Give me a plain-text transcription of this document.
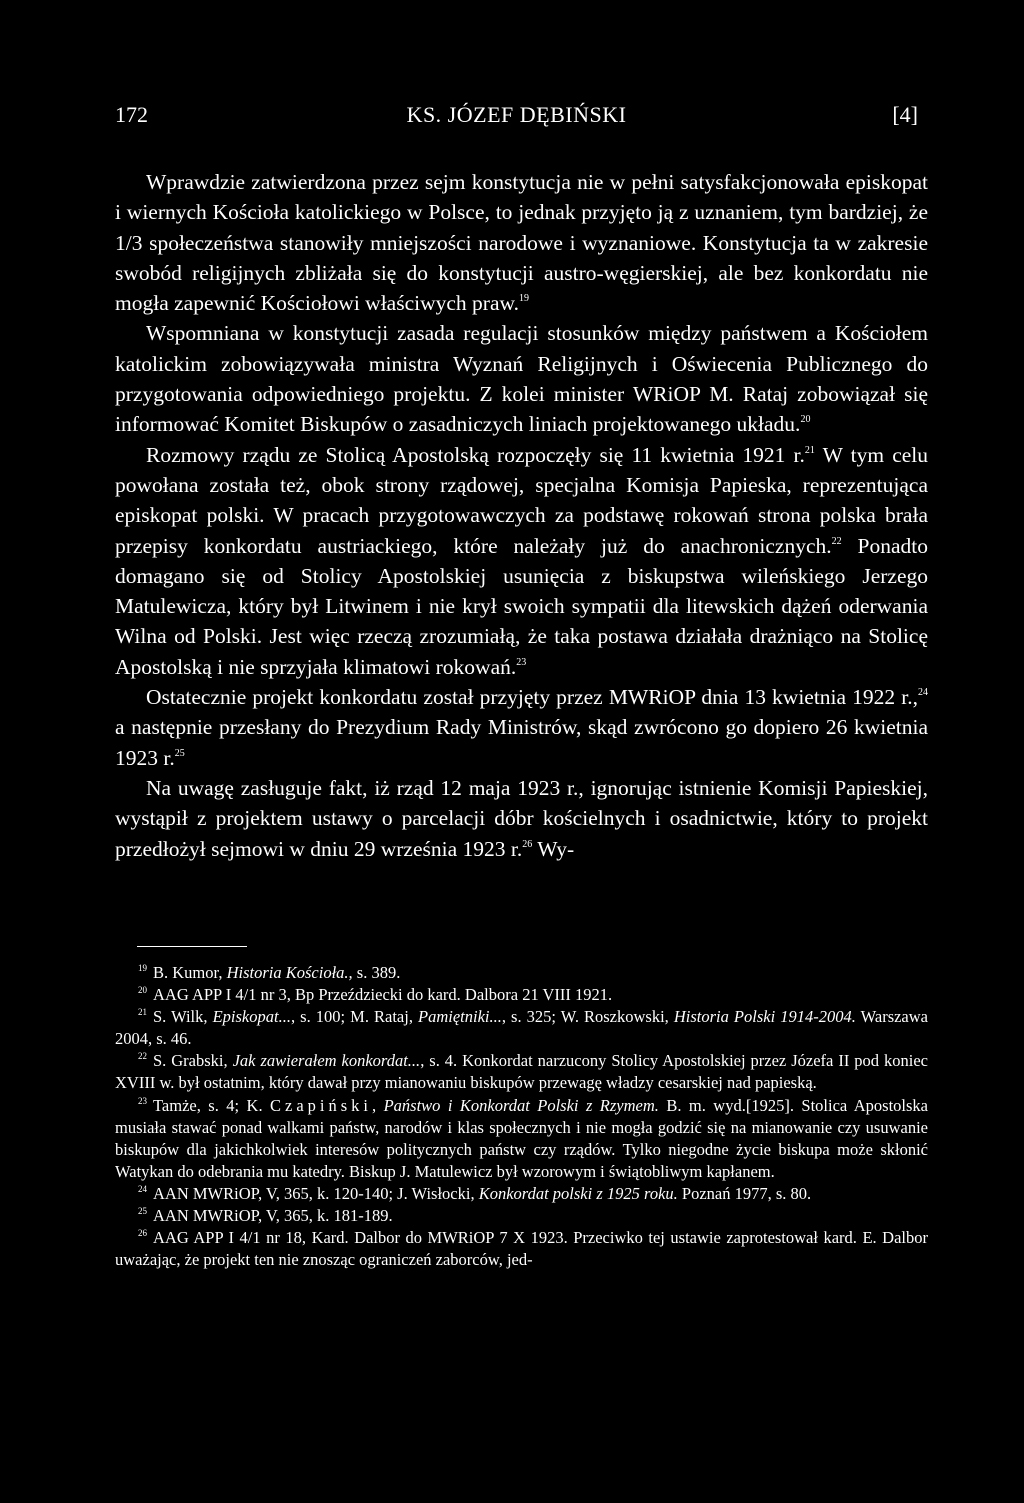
172	KS. JÓZEF DĘBIŃSKI	[4]

Wprawdzie zatwierdzona przez sejm konstytucja nie w pełni satysfakcjonowała episkopat i wiernych Kościoła katolickiego w Polsce, to jednak przyjęto ją z uznaniem, tym bardziej, że 1/3 społeczeństwa stanowiły mniejszości narodowe i wyznaniowe. Konstytucja ta w zakresie swobód religijnych zbliżała się do konstytucji austro-węgierskiej, ale bez konkordatu nie mogła zapewnić Kościołowi właściwych praw.$^{19}$

Wspomniana w konstytucji zasada regulacji stosunków między państwem a Kościołem katolickim zobowiązywała ministra Wyznań Religijnych i Oświecenia Publicznego do przygotowania odpowiedniego projektu. Z kolei minister WRiOP M. Rataj zobowiązał się informować Komitet Biskupów o zasadniczych liniach projektowanego układu.$^{20}$

Rozmowy rządu ze Stolicą Apostolską rozpoczęły się 11 kwietnia 1921 r.$^{21}$ W tym celu powołana została też, obok strony rządowej, specjalna Komisja Papieska, reprezentująca episkopat polski. W pracach przygotowawczych za podstawę rokowań strona polska brała przepisy konkordatu austriackiego, które należały już do anachronicznych.$^{22}$ Ponadto domagano się od Stolicy Apostolskiej usunięcia z biskupstwa wileńskiego Jerzego Matulewicza, który był Litwinem i nie krył swoich sympatii dla litewskich dążeń oderwania Wilna od Polski. Jest więc rzeczą zrozumiałą, że taka postawa działała drażniąco na Stolicę Apostolską i nie sprzyjała klimatowi rokowań.$^{23}$

Ostatecznie projekt konkordatu został przyjęty przez MWRiOP dnia 13 kwietnia 1922 r.,$^{24}$ a następnie przesłany do Prezydium Rady Ministrów, skąd zwrócono go dopiero 26 kwietnia 1923 r.$^{25}$

Na uwagę zasługuje fakt, iż rząd 12 maja 1923 r., ignorując istnienie Komisji Papieskiej, wystąpił z projektem ustawy o parcelacji dóbr kościelnych i osadnictwie, który to projekt przedłożył sejmowi w dniu 29 września 1923 r.$^{26}$ Wy-

$^{19}$ B. Kumor, Historia Kościoła., s. 389.

$^{20}$ AAG APP I 4/1 nr 3, Bp Przeździecki do kard. Dalbora 21 VIII 1921.

$^{21}$ S. Wilk, Episkopat..., s. 100; M. Rataj, Pamiętniki..., s. 325; W. Roszkowski, Historia Polski 1914-2004. Warszawa 2004, s. 46.

$^{22}$ S. Grabski, Jak zawierałem konkordat..., s. 4. Konkordat narzucony Stolicy Apostolskiej przez Józefa II pod koniec XVIII w. był ostatnim, który dawał przy mianowaniu biskupów przewagę władzy cesarskiej nad papieską.

$^{23}$ Tamże, s. 4; K. Czapiński, Państwo i Konkordat Polski z Rzymem. B. m. wyd.[1925]. Stolica Apostolska musiała stawać ponad walkami państw, narodów i klas społecznych i nie mogła godzić się na mianowanie czy usuwanie biskupów dla jakichkolwiek interesów politycznych państw czy rządów. Tylko niegodne życie biskupa może skłonić Watykan do odebrania mu katedry. Biskup J. Matulewicz był wzorowym i świątobliwym kapłanem.

$^{24}$ AAN MWRiOP, V, 365, k. 120-140; J. Wisłocki, Konkordat polski z 1925 roku. Poznań 1977, s. 80.

$^{25}$ AAN MWRiOP, V, 365, k. 181-189.

$^{26}$ AAG APP I 4/1 nr 18, Kard. Dalbor do MWRiOP 7 X 1923. Przeciwko tej ustawie zaprotestował kard. E. Dalbor uważając, że projekt ten nie znosząc ograniczeń zaborców, jed-
